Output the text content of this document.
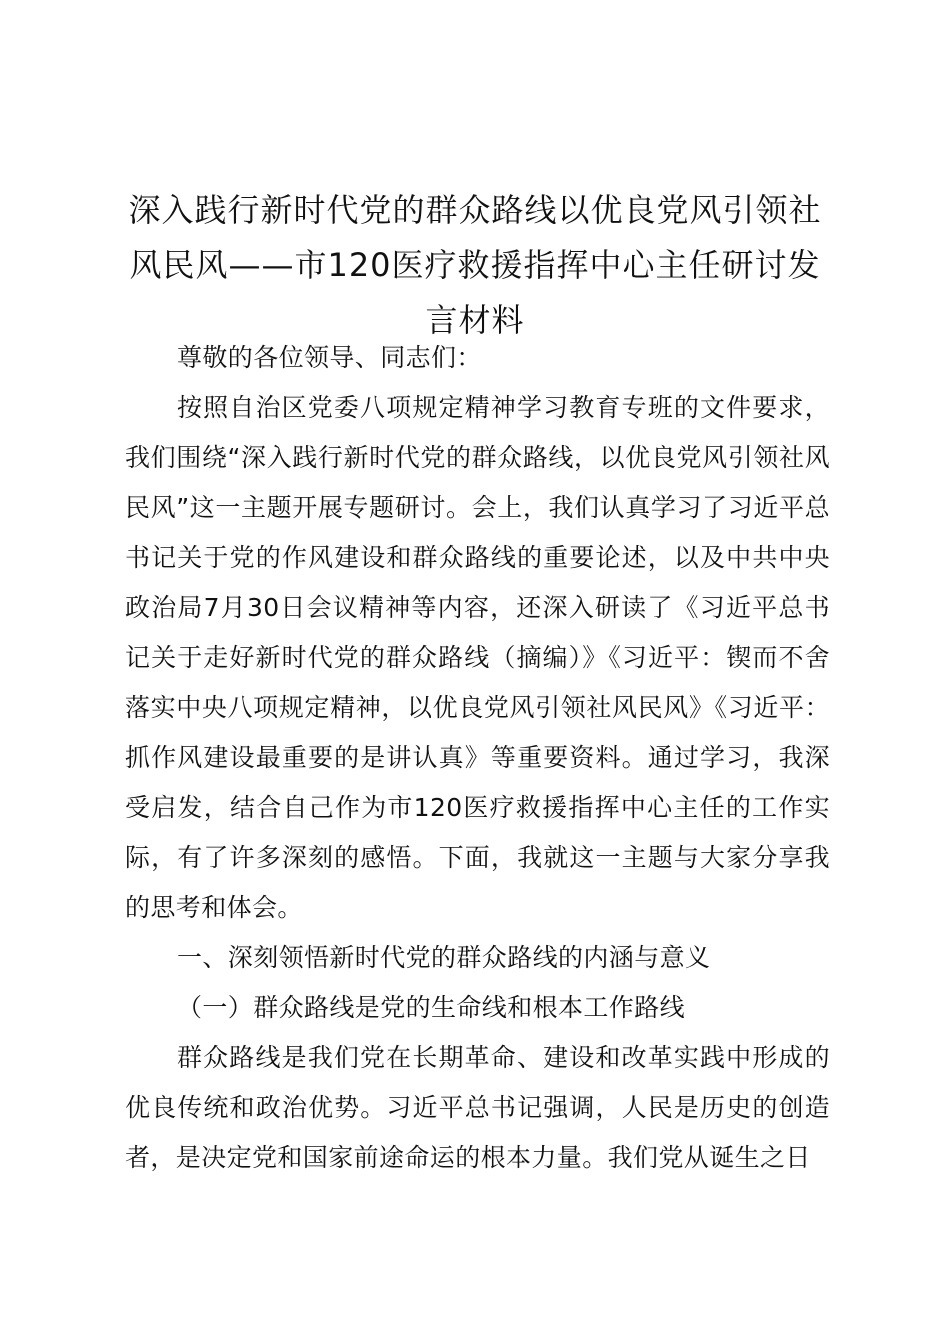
深入践行新时代党的群众路线以优良党风引领社风民风——市120医疗救援指挥中心主任研讨发言材料

尊敬的各位领导、同志们：

按照自治区党委八项规定精神学习教育专班的文件要求，我们围绕“深入践行新时代党的群众路线，以优良党风引领社风民风”这一主题开展专题研讨。会上，我们认真学习了习近平总书记关于党的作风建设和群众路线的重要论述，以及中共中央政治局7月30日会议精神等内容，还深入研读了《习近平总书记关于走好新时代党的群众路线（摘编）》《习近平：锲而不舍落实中央八项规定精神，以优良党风引领社风民风》《习近平：抓作风建设最重要的是讲认真》等重要资料。通过学习，我深受启发，结合自己作为市120医疗救援指挥中心主任的工作实际，有了许多深刻的感悟。下面，我就这一主题与大家分享我的思考和体会。

一、深刻领悟新时代党的群众路线的内涵与意义

（一）群众路线是党的生命线和根本工作路线

群众路线是我们党在长期革命、建设和改革实践中形成的优良传统和政治优势。习近平总书记强调，人民是历史的创造者，是决定党和国家前途命运的根本力量。我们党从诞生之日
